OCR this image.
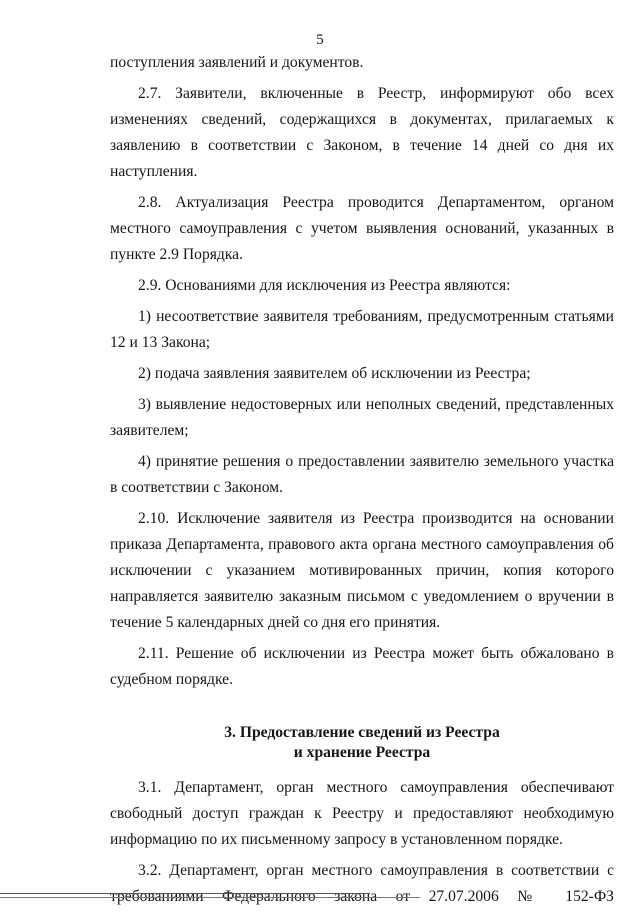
5

поступления заявлений и документов.

2.7. Заявители, включенные в Реестр, информируют обо всех изменениях сведений, содержащихся в документах, прилагаемых к заявлению в соответствии с Законом, в течение 14 дней со дня их наступления.

2.8. Актуализация Реестра проводится Департаментом, органом местного самоуправления с учетом выявления оснований, указанных в пункте 2.9 Порядка.

2.9. Основаниями для исключения из Реестра являются:

1) несоответствие заявителя требованиям, предусмотренным статьями 12 и 13 Закона;

2) подача заявления заявителем об исключении из Реестра;

3) выявление недостоверных или неполных сведений, представленных заявителем;

4) принятие решения о предоставлении заявителю земельного участка в соответствии с Законом.

2.10. Исключение заявителя из Реестра производится на основании приказа Департамента, правового акта органа местного самоуправления об исключении с указанием мотивированных причин, копия которого направляется заявителю заказным письмом с уведомлением о вручении в течение 5 календарных дней со дня его принятия.

2.11. Решение об исключении из Реестра может быть обжаловано в судебном порядке.

3. Предоставление сведений из Реестра
и хранение Реестра

3.1. Департамент, орган местного самоуправления обеспечивают свободный доступ граждан к Реестру и предоставляют необходимую информацию по их письменному запросу в установленном порядке.

3.2. Департамент, орган местного самоуправления в соответствии с требованиями Федерального закона от 27.07.2006 № 152-ФЗ
